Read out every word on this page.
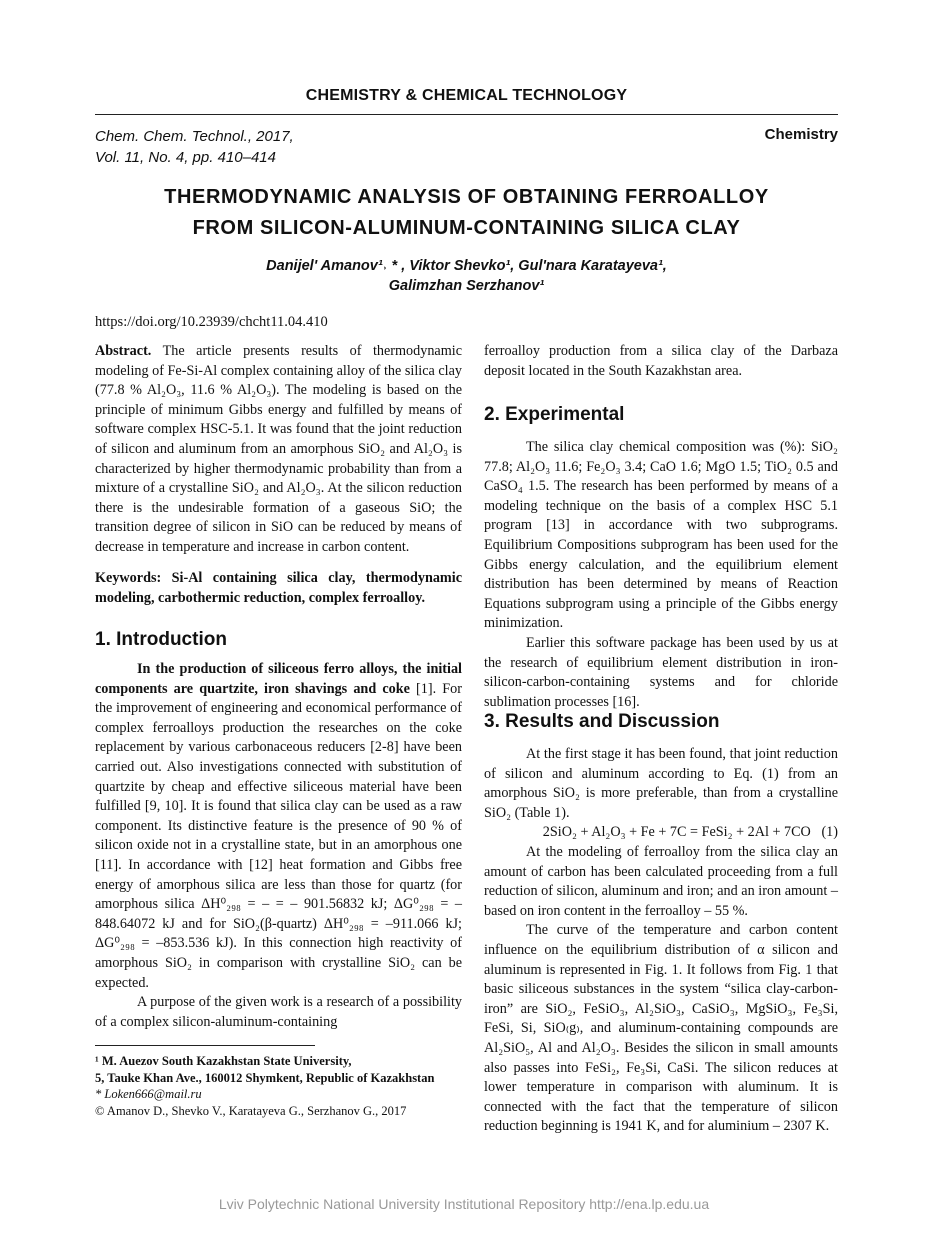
CHEMISTRY & CHEMICAL TECHNOLOGY
Chem. Chem. Technol., 2017,
Vol. 11, No. 4, pp. 410–414
Chemistry
THERMODYNAMIC ANALYSIS OF OBTAINING FERROALLOY
FROM SILICON-ALUMINUM-CONTAINING SILICA CLAY
Danijel' Amanov¹˒ * , Viktor Shevko¹, Gul'nara Karatayeva¹,
Galimzhan Serzhanov¹
https://doi.org/10.23939/chcht11.04.410

Abstract. The article presents results of thermodynamic modeling of Fe-Si-Al complex containing alloy of the silica clay (77.8 % Al₂O₃, 11.6 % Al₂O₃). The modeling is based on the principle of minimum Gibbs energy and fulfilled by means of software complex HSC-5.1. It was found that the joint reduction of silicon and aluminum from an amorphous SiO₂ and Al₂O₃ is characterized by higher thermodynamic probability than from a mixture of a crystalline SiO₂ and Al₂O₃. At the silicon reduction there is the undesirable formation of a gaseous SiO; the transition degree of silicon in SiO can be reduced by means of decrease in temperature and increase in carbon content.

Keywords: Si-Al containing silica clay, thermodynamic modeling, carbothermic reduction, complex ferroalloy.

1. Introduction

In the production of siliceous ferro alloys, the initial components are quartzite, iron shavings and coke [1]. For the improvement of engineering and economical performance of complex ferroalloys production the researches on the coke replacement by various carbonaceous reducers [2-8] have been carried out. Also investigations connected with substitution of quartzite by cheap and effective siliceous material have been fulfilled [9, 10]. It is found that silica clay can be used as a raw component. Its distinctive feature is the presence of 90 % of silicon oxide not in a crystalline state, but in an amorphous one [11]. In accordance with [12] heat formation and Gibbs free energy of amorphous silica are less than those for quartz (for amorphous silica ΔH⁰₂₉₈ = – = – 901.56832 kJ; ΔG⁰₂₉₈ = –848.64072 kJ and for SiO₂(β-quartz) ΔH⁰₂₉₈ = –911.066 kJ; ΔG⁰₂₉₈ = –853.536 kJ). In this connection high reactivity of amorphous SiO₂ in comparison with crystalline SiO₂ can be expected.

A purpose of the given work is a research of a possibility of a complex silicon-aluminum-containing

¹ M. Auezov South Kazakhstan State University,
5, Tauke Khan Ave., 160012 Shymkent, Republic of Kazakhstan
* Loken666@mail.ru
© Amanov D., Shevko V., Karatayeva G., Serzhanov G., 2017

ferroalloy production from a silica clay of the Darbaza deposit located in the South Kazakhstan area.

2. Experimental

The silica clay chemical composition was (%): SiO₂ 77.8; Al₂O₃ 11.6; Fe₂O₃ 3.4; CaO 1.6; MgO 1.5; TiO₂ 0.5 and CaSO₄ 1.5. The research has been performed by means of a modeling technique on the basis of a complex HSC 5.1 program [13] in accordance with two subprograms. Equilibrium Compositions subprogram has been used for the Gibbs energy calculation, and the equilibrium element distribution has been determined by means of Reaction Equations subprogram using a principle of the Gibbs energy minimization.

Earlier this software package has been used by us at the research of equilibrium element distribution in iron-silicon-carbon-containing systems and for chloride sublimation processes [16].

3. Results and Discussion

At the first stage it has been found, that joint reduction of silicon and aluminum according to Eq. (1) from an amorphous SiO₂ is more preferable, than from a crystalline SiO₂ (Table 1).

2SiO₂ + Al₂O₃ + Fe + 7C = FeSi₂ + 2Al + 7CO   (1)

At the modeling of ferroalloy from the silica clay an amount of carbon has been calculated proceeding from a full reduction of silicon, aluminum and iron; and an iron amount – based on iron content in the ferroalloy – 55 %.

The curve of the temperature and carbon content influence on the equilibrium distribution of α silicon and aluminum is represented in Fig. 1. It follows from Fig. 1 that basic siliceous substances in the system “silica clay-carbon-iron” are SiO₂, FeSiO₃, Al₂SiO₃, CaSiO₃, MgSiO₃, Fe₃Si, FeSi, Si, SiO₍g₎, and aluminum-containing compounds are Al₂SiO₅, Al and Al₂O₃. Besides the silicon in small amounts also passes into FeSi₂, Fe₃Si, CaSi. The silicon reduces at lower temperature in comparison with aluminum. It is connected with the fact that the temperature of silicon reduction beginning is 1941 K, and for aluminium – 2307 K.

Lviv Polytechnic National University Institutional Repository http://ena.lp.edu.ua
